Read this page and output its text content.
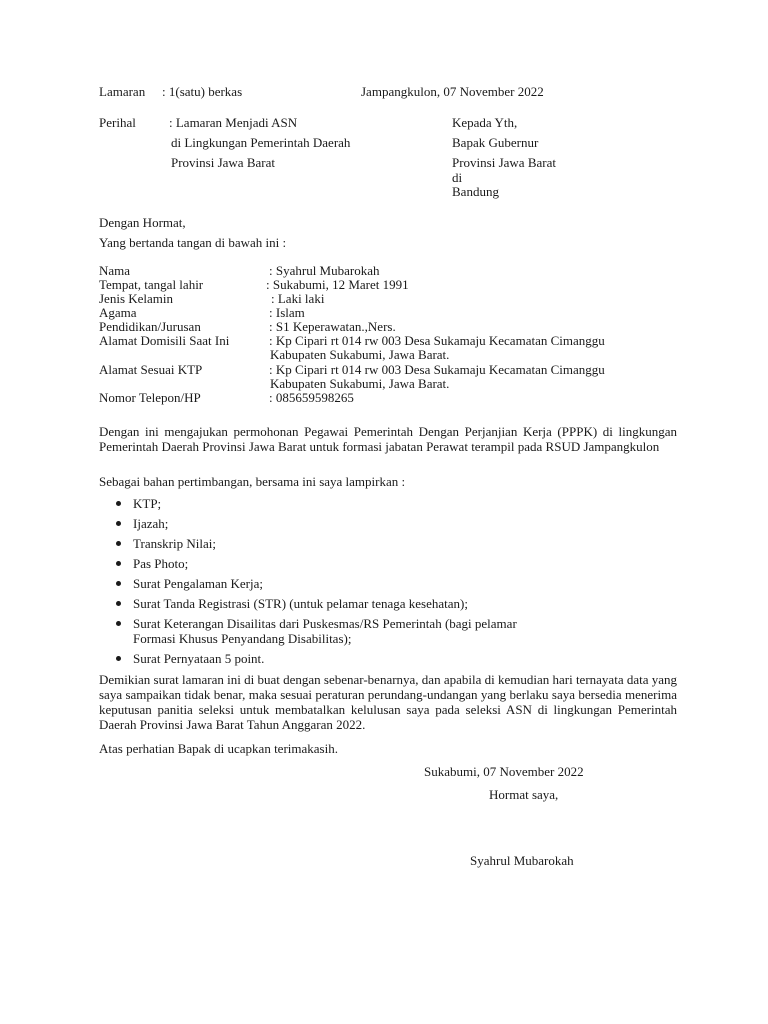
Lamaran : 1(satu) berkas	Jampangkulon, 07 November 2022
Perihal	: Lamaran Menjadi ASN
di Lingkungan Pemerintah Daerah
Provinsi Jawa Barat
Kepada Yth,
Bapak Gubernur
Provinsi Jawa Barat
di
Bandung
Dengan Hormat,
Yang bertanda tangan di bawah ini :
Nama	: Syahrul Mubarokah
Tempat, tangal lahir	: Sukabumi, 12 Maret 1991
Jenis Kelamin	: Laki laki
Agama	: Islam
Pendidikan/Jurusan	: S1 Keperawatan.,Ners.
Alamat Domisili Saat Ini	: Kp Cipari rt 014 rw 003 Desa Sukamaju Kecamatan Cimanggu
Kabupaten Sukabumi, Jawa Barat.
Alamat Sesuai KTP	: Kp Cipari rt 014 rw 003 Desa Sukamaju Kecamatan Cimanggu
Kabupaten Sukabumi, Jawa Barat.
Nomor Telepon/HP	: 085659598265

Dengan ini mengajukan permohonan Pegawai Pemerintah Dengan Perjanjian Kerja (PPPK) di lingkungan Pemerintah Daerah Provinsi Jawa Barat untuk formasi jabatan Perawat terampil pada RSUD Jampangkulon

Sebagai bahan pertimbangan, bersama ini saya lampirkan :
KTP;
Ijazah;
Transkrip Nilai;
Pas Photo;
Surat Pengalaman Kerja;
Surat Tanda Registrasi (STR) (untuk pelamar tenaga kesehatan);
Surat Keterangan Disailitas dari Puskesmas/RS Pemerintah (bagi pelamar
Formasi Khusus Penyandang Disabilitas);
Surat Pernyataan 5 point.

Demikian surat lamaran ini di buat dengan sebenar-benarnya, dan apabila di kemudian hari ternayata data yang saya sampaikan tidak benar, maka sesuai peraturan perundang-undangan yang berlaku saya bersedia menerima keputusan panitia seleksi untuk membatalkan kelulusan saya pada seleksi ASN di lingkungan Pemerintah Daerah Provinsi Jawa Barat Tahun Anggaran 2022.

Atas perhatian Bapak di ucapkan terimakasih.
Sukabumi, 07 November 2022
Hormat saya,
Syahrul Mubarokah
